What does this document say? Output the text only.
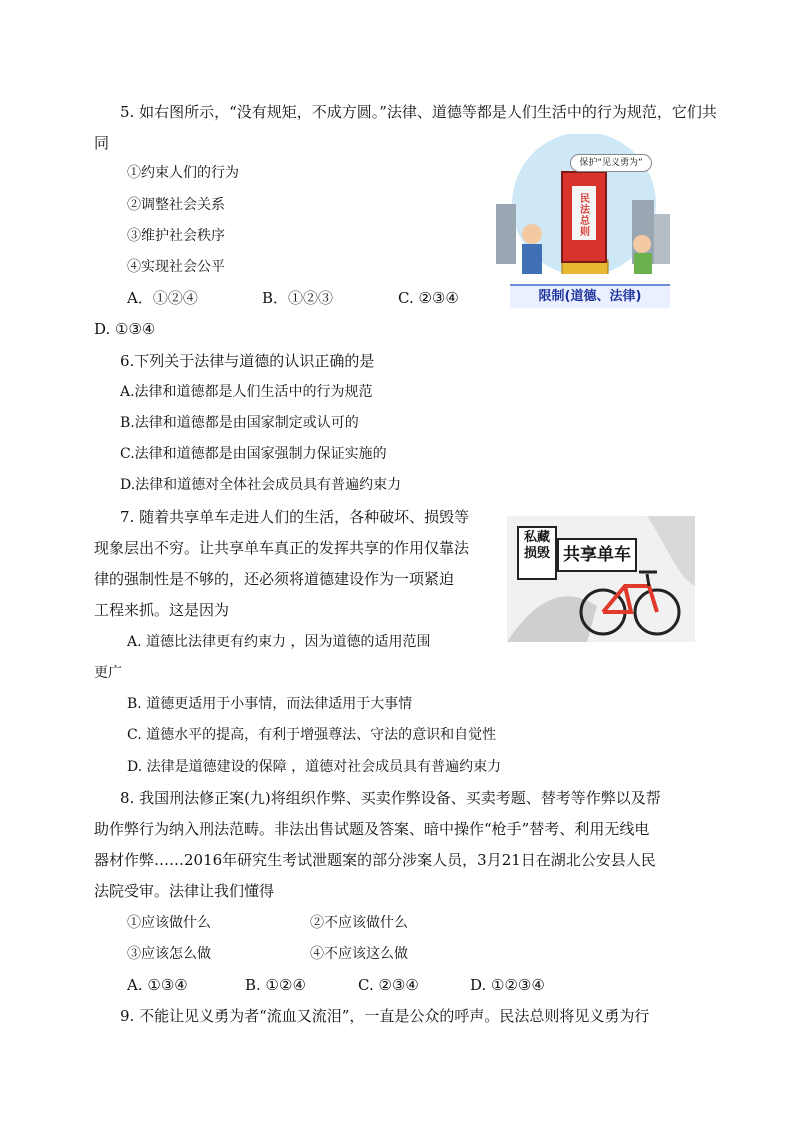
5. 如右图所示，“没有规矩，不成方圆。”法律、道德等都是人们生活中的行为规范，它们共
同
①约束人们的行为
②调整社会关系
③维护社会秩序
④实现社会公平
A．①②④	B．①②③	C. ②③④
D. ①③④
保护“见义勇为”
民法总则
限制(道德、法律)
6.下列关于法律与道德的认识正确的是
A.法律和道德都是人们生活中的行为规范
B.法律和道德都是由国家制定或认可的
C.法律和道德都是由国家强制力保证实施的
D.法律和道德对全体社会成员具有普遍约束力
7. 随着共享单车走进人们的生活，各种破坏、损毁等
现象层出不穷。让共享单车真正的发挥共享的作用仅靠法
律的强制性是不够的，还必须将道德建设作为一项紧迫
工程来抓。这是因为
A. 道德比法律更有约束力 ，因为道德的适用范围
更广
B. 道德更适用于小事情，而法律适用于大事情
C. 道德水平的提高，有利于增强尊法、守法的意识和自觉性
D. 法律是道德建设的保障 ，道德对社会成员具有普遍约束力
私藏损毁 共享单车
8. 我国刑法修正案(九)将组织作弊、买卖作弊设备、买卖考题、替考等作弊以及帮
助作弊行为纳入刑法范畴。非法出售试题及答案、暗中操作“枪手”替考、利用无线电
器材作弊……2016年研究生考试泄题案的部分涉案人员，3月21日在湖北公安县人民
法院受审。法律让我们懂得
①应该做什么	②不应该做什么
③应该怎么做	④不应该这么做
A. ①③④	B. ①②④	C. ②③④	D. ①②③④
9. 不能让见义勇为者“流血又流泪”，一直是公众的呼声。民法总则将见义勇为行
